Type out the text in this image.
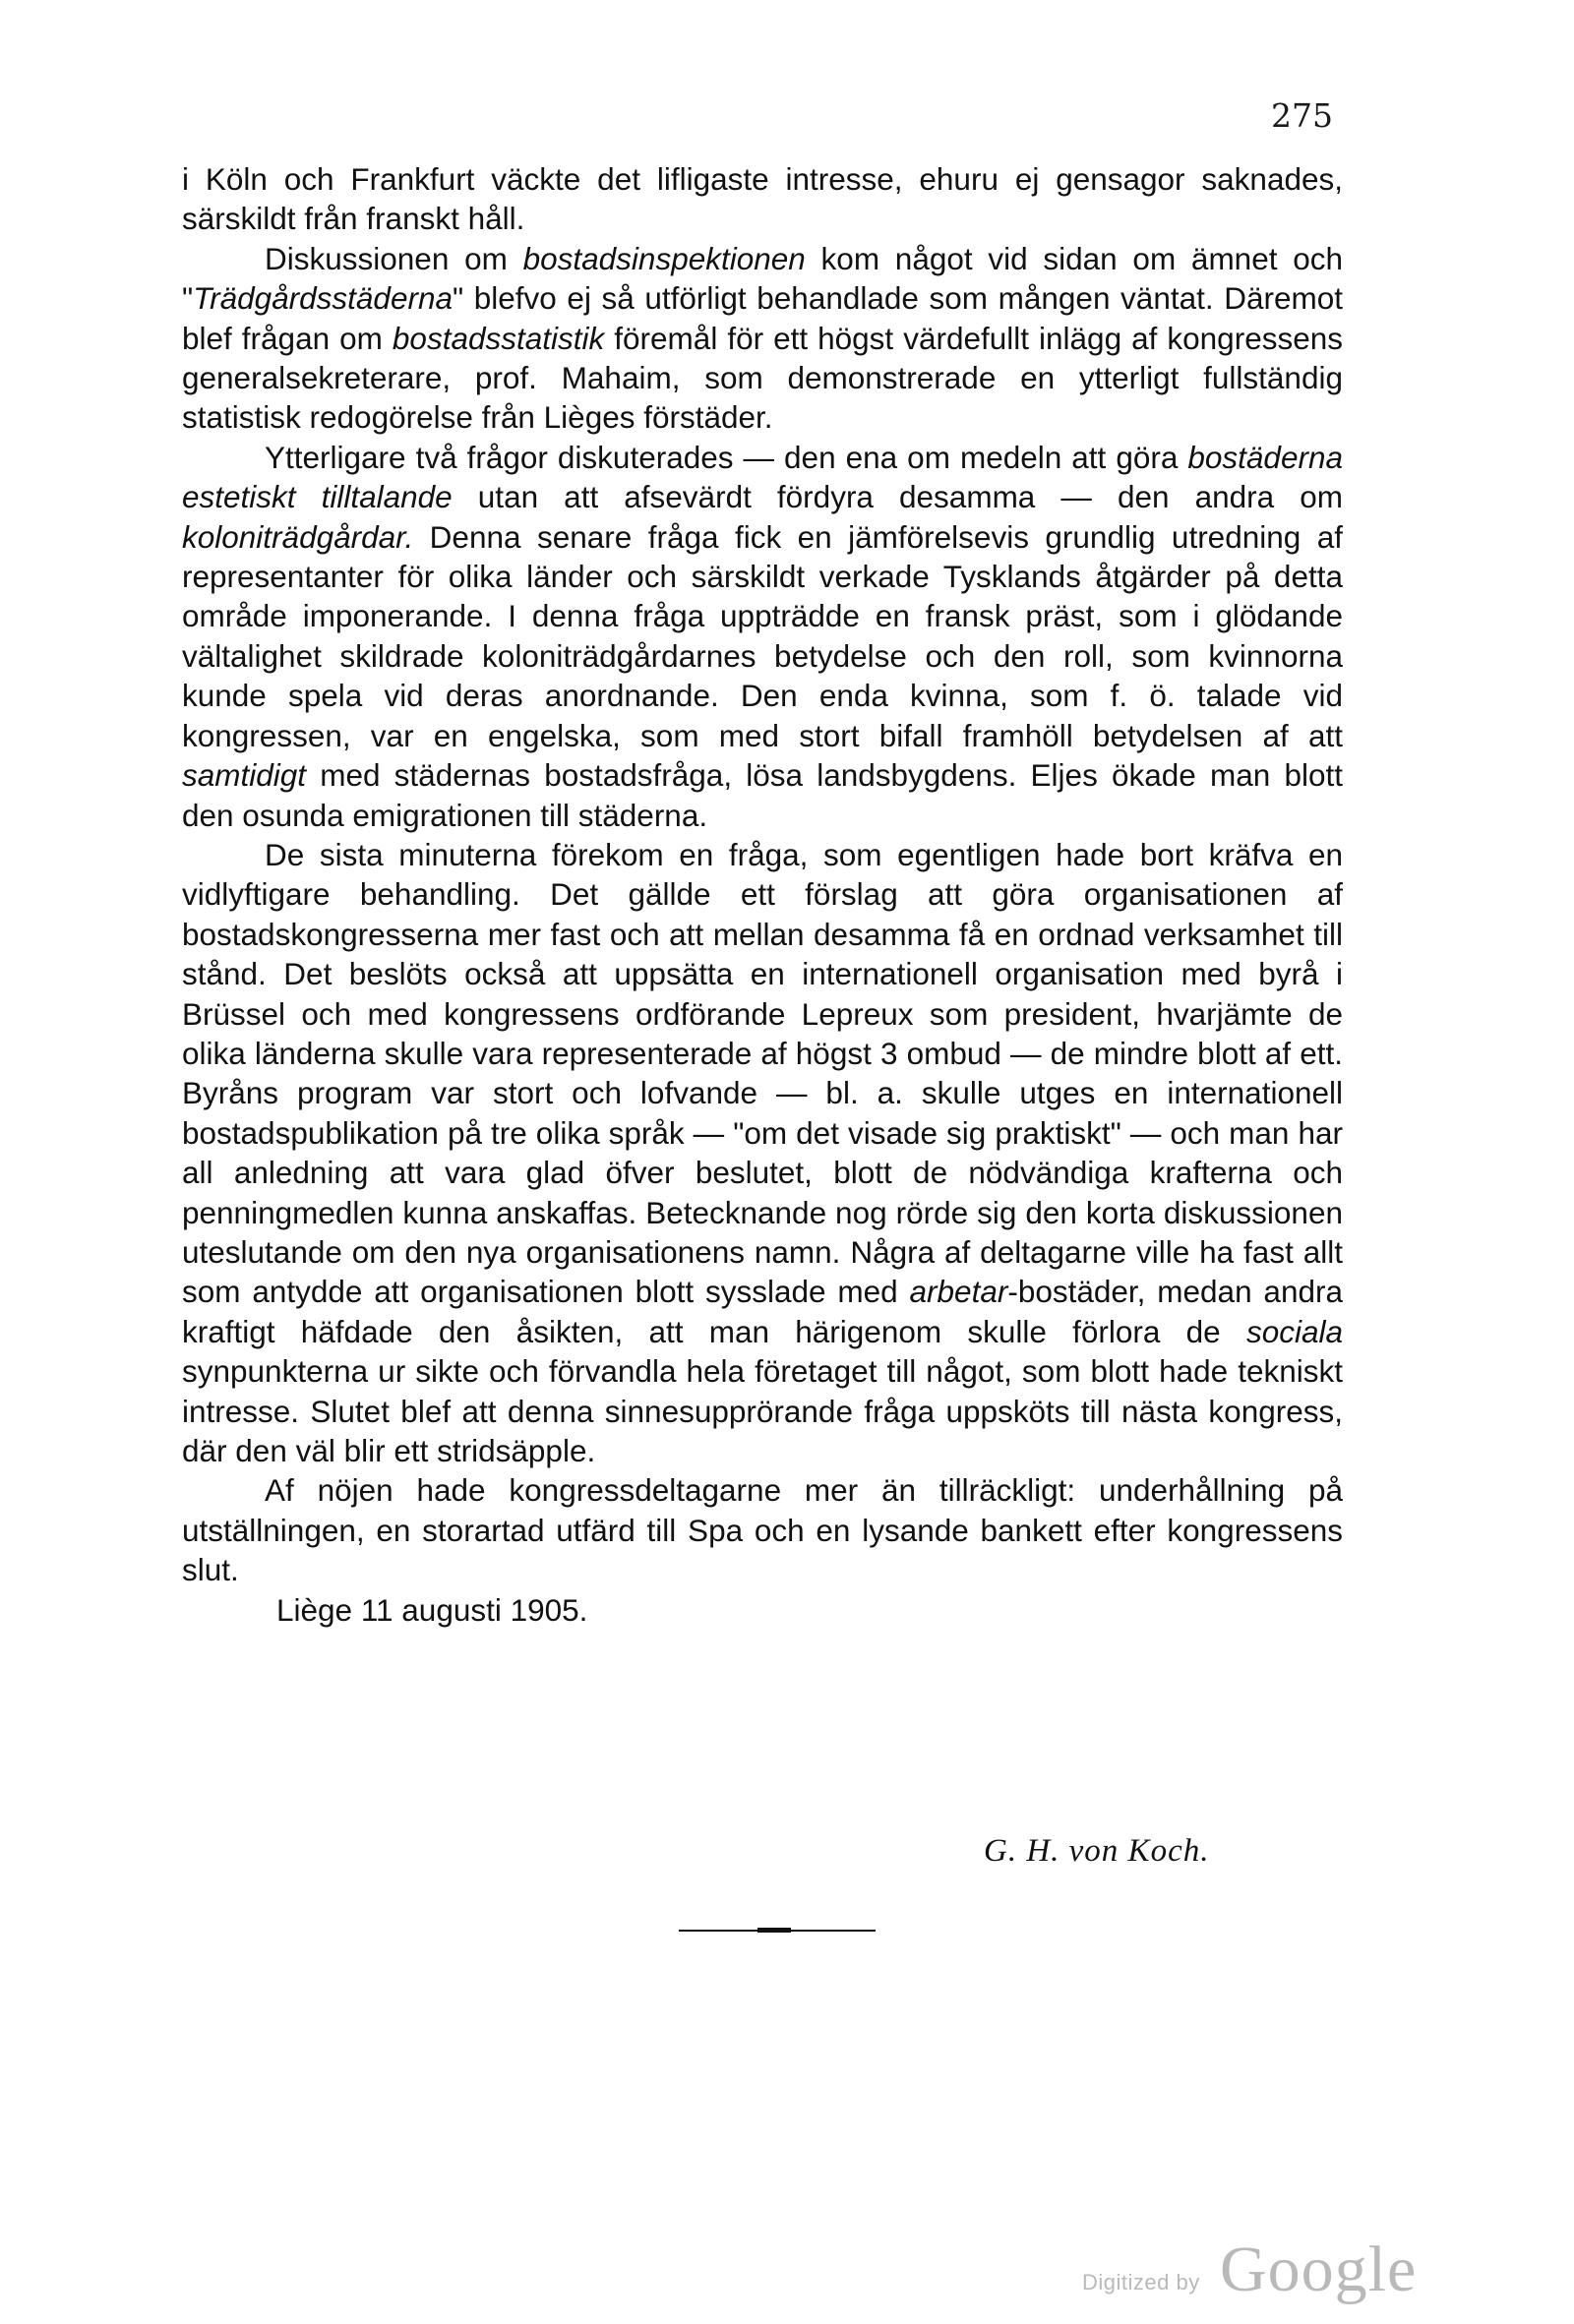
275

i Köln och Frankfurt väckte det lifligaste intresse, ehuru ej gensagor saknades, särskildt från franskt håll.

Diskussionen om bostadsinspektionen kom något vid sidan om ämnet och "Trädgårdsstäderna" blefvo ej så utförligt behandlade som mången väntat. Däremot blef frågan om bostadsstatistik föremål för ett högst värdefullt inlägg af kongressens generalsekreterare, prof. Mahaim, som demonstrerade en ytterligt fullständig statistisk redogörelse från Lièges förstäder.

Ytterligare två frågor diskuterades — den ena om medeln att göra bostäderna estetiskt tilltalande utan att afsevärdt fördyra desamma — den andra om koloniträdgårdar. Denna senare fråga fick en jämförelsevis grundlig utredning af representanter för olika länder och särskildt verkade Tysklands åtgärder på detta område imponerande. I denna fråga uppträdde en fransk präst, som i glödande vältalighet skildrade koloniträdgårdarnes betydelse och den roll, som kvinnorna kunde spela vid deras anordnande. Den enda kvinna, som f. ö. talade vid kongressen, var en engelska, som med stort bifall framhöll betydelsen af att samtidigt med städernas bostadsfråga, lösa landsbygdens. Eljes ökade man blott den osunda emigrationen till städerna.

De sista minuterna förekom en fråga, som egentligen hade bort kräfva en vidlyftigare behandling. Det gällde ett förslag att göra organisationen af bostadskongresserna mer fast och att mellan desamma få en ordnad verksamhet till stånd. Det beslöts också att uppsätta en internationell organisation med byrå i Brüssel och med kongressens ordförande Lepreux som president, hvarjämte de olika länderna skulle vara representerade af högst 3 ombud — de mindre blott af ett. Byråns program var stort och lofvande — bl. a. skulle utges en internationell bostadspublikation på tre olika språk — "om det visade sig praktiskt" — och man har all anledning att vara glad öfver beslutet, blott de nödvändiga krafterna och penningmedlen kunna anskaffas. Betecknande nog rörde sig den korta diskussionen uteslutande om den nya organisationens namn. Några af deltagarne ville ha fast allt som antydde att organisationen blott sysslade med arbetar-bostäder, medan andra kraftigt häfdade den åsikten, att man härigenom skulle förlora de sociala synpunkterna ur sikte och förvandla hela företaget till något, som blott hade tekniskt intresse. Slutet blef att denna sinnesupprörande fråga uppsköts till nästa kongress, där den väl blir ett stridsäpple.

Af nöjen hade kongressdeltagarne mer än tillräckligt: underhållning på utställningen, en storartad utfärd till Spa och en lysande bankett efter kongressens slut.

Liège 11 augusti 1905.
G. H. von Koch.
Digitized by Google
